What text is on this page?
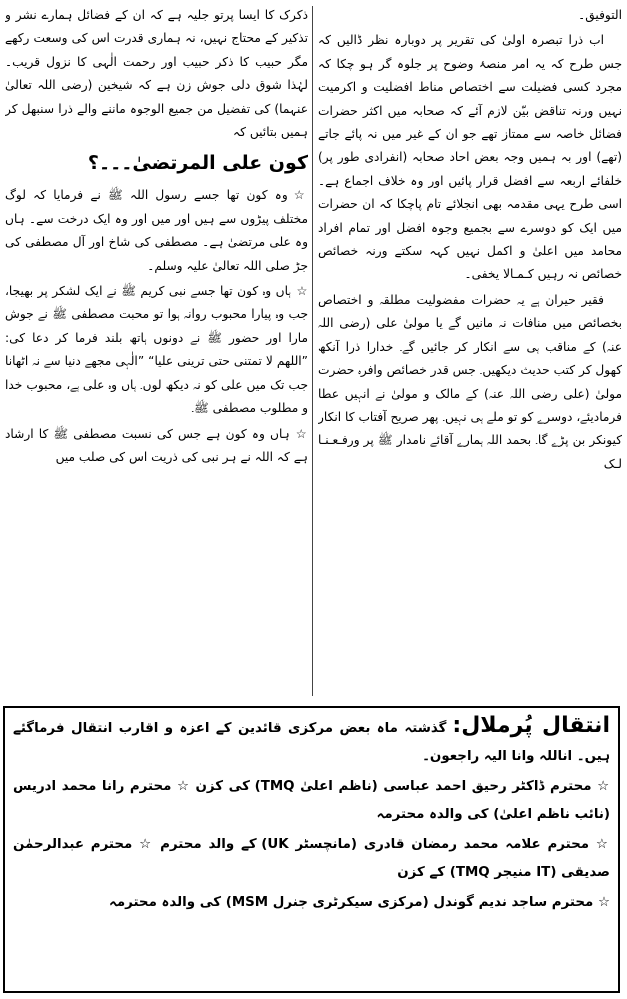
التوفیق۔

اب ذرا تبصرہ اولیٰ کی تقریر پر دوبارہ نظر ڈالیں کہ جس طرح کہ یہ امر منصۂ وضوح پر جلوہ گر ہو چکا کہ مجرد کسی فضیلت سے اختصاص مناط افضلیت و اکرمیت نہیں ورنہ تناقض بیّن لازم آئے کہ صحابہ میں اکثر حضرات فضائل خاصہ سے ممتاز تھے جو ان کے غیر میں نہ پائے جاتے (تھے) اور بہ ہمیں وجہ بعض احاد صحابہ (انفرادی طور پر) خلفائے اربعہ سے افضل قرار پائیں اور وہ خلاف اجماع ہے۔ اسی طرح یہی مقدمہ بھی انجلائے تام پاچکا کہ ان حضرات میں ایک کو دوسرے سے بجمیع وجوہ افضل اور تمام افراد محامد میں اعلیٰ و اکمل نہیں کہہ سکتے ورنہ خصائص خصائص نہ رہیں کـمـالا یخفی۔

فقیر حیران ہے یہ حضرات مفضولیت مطلقہ و اختصاص بخصائص میں منافات نہ مانیں گے یا مولیٰ علی (رضی اللہ عنہ) کے مناقب ہی سے انکار کر جائیں گے۔ خدارا ذرا آنکھ کھول کر کتب حدیث دیکھیں۔ جس قدر خصائص وافرہ حضرت مولیٰ (علی رضی اللہ عنہ) کے مالک و مولیٰ نے انہیں عطا فرمادیئے، دوسرے کو تو ملے ہی نہیں۔ پھر صریح آفتاب کا انکار کیونکر بن پڑے گا۔ بحمد اللہ ہمارے آقائے نامدار ﷺ پر ورفـعـنـا لـک

ذکرک کا ایسا پرتو جلیہ ہے کہ ان کے فضائل ہمارے نشر و تذکیر کے محتاج نہیں، نہ ہماری قدرت اس کی وسعت رکھے مگر حبیب کا ذکر حبیب اور رحمت الٰہی کا نزول قریب۔ لہٰذا شوق دلی جوش زن ہے کہ شیخین (رضی اللہ تعالیٰ عنہما) کی تفضیل من جمیع الوجوہ ماننے والے ذرا سنبھل کر ہمیں بتائیں کہ

کون علی المرتضیٰ۔۔۔؟

☆وہ کون تھا جسے رسول اللہ ﷺ نے فرمایا کہ لوگ مختلف پیڑوں سے ہیں اور میں اور وہ ایک درخت سے۔ ہاں وہ علی مرتضیٰ ہے۔ مصطفی کی شاخ اور آل مصطفی کی جڑ صلی اللہ تعالیٰ علیہ وسلم۔

☆ہاں وہ کون تھا جسے نبی کریم ﷺ نے ایک لشکر پر بھیجا، جب وہ پیارا محبوب روانہ ہوا تو محبت مصطفی ﷺ نے جوش مارا اور حضور ﷺ نے دونوں ہاتھ بلند فرما کر دعا کی: ”اللھم لا تمتنی حتی ترینی علیا“ ”الٰہی مجھے دنیا سے نہ اٹھانا جب تک میں علی کو نہ دیکھ لوں۔ ہاں وہ علی ہے، محبوب خدا و مطلوب مصطفی ﷺ۔

☆ہاں وہ کون ہے جس کی نسبت مصطفی ﷺ کا ارشاد ہے کہ اللہ نے ہر نبی کی ذریت اس کی صلب میں

انتقال پُرملال:گذشتہ ماہ بعض مرکزی قائدین کے اعزہ و اقارب انتقال فرماگئے ہیں۔ اناللہ وانا الیہ راجعون۔

☆ محترم ڈاکٹر رحیق احمد عباسی (ناظم اعلیٰ TMQ) کی کزن ☆ محترم رانا محمد ادریس (نائب ناظم اعلیٰ) کی والدہ محترمہ

☆ محترم علامہ محمد رمضان قادری (مانچسٹر UK) کے والد محترم ☆ محترم عبدالرحمٰن صدیقی (IT منیجر TMQ) کے کزن

☆ محترم ساجد ندیم گوندل (مرکزی سیکرٹری جنرل MSM) کی والدہ محترمہ
